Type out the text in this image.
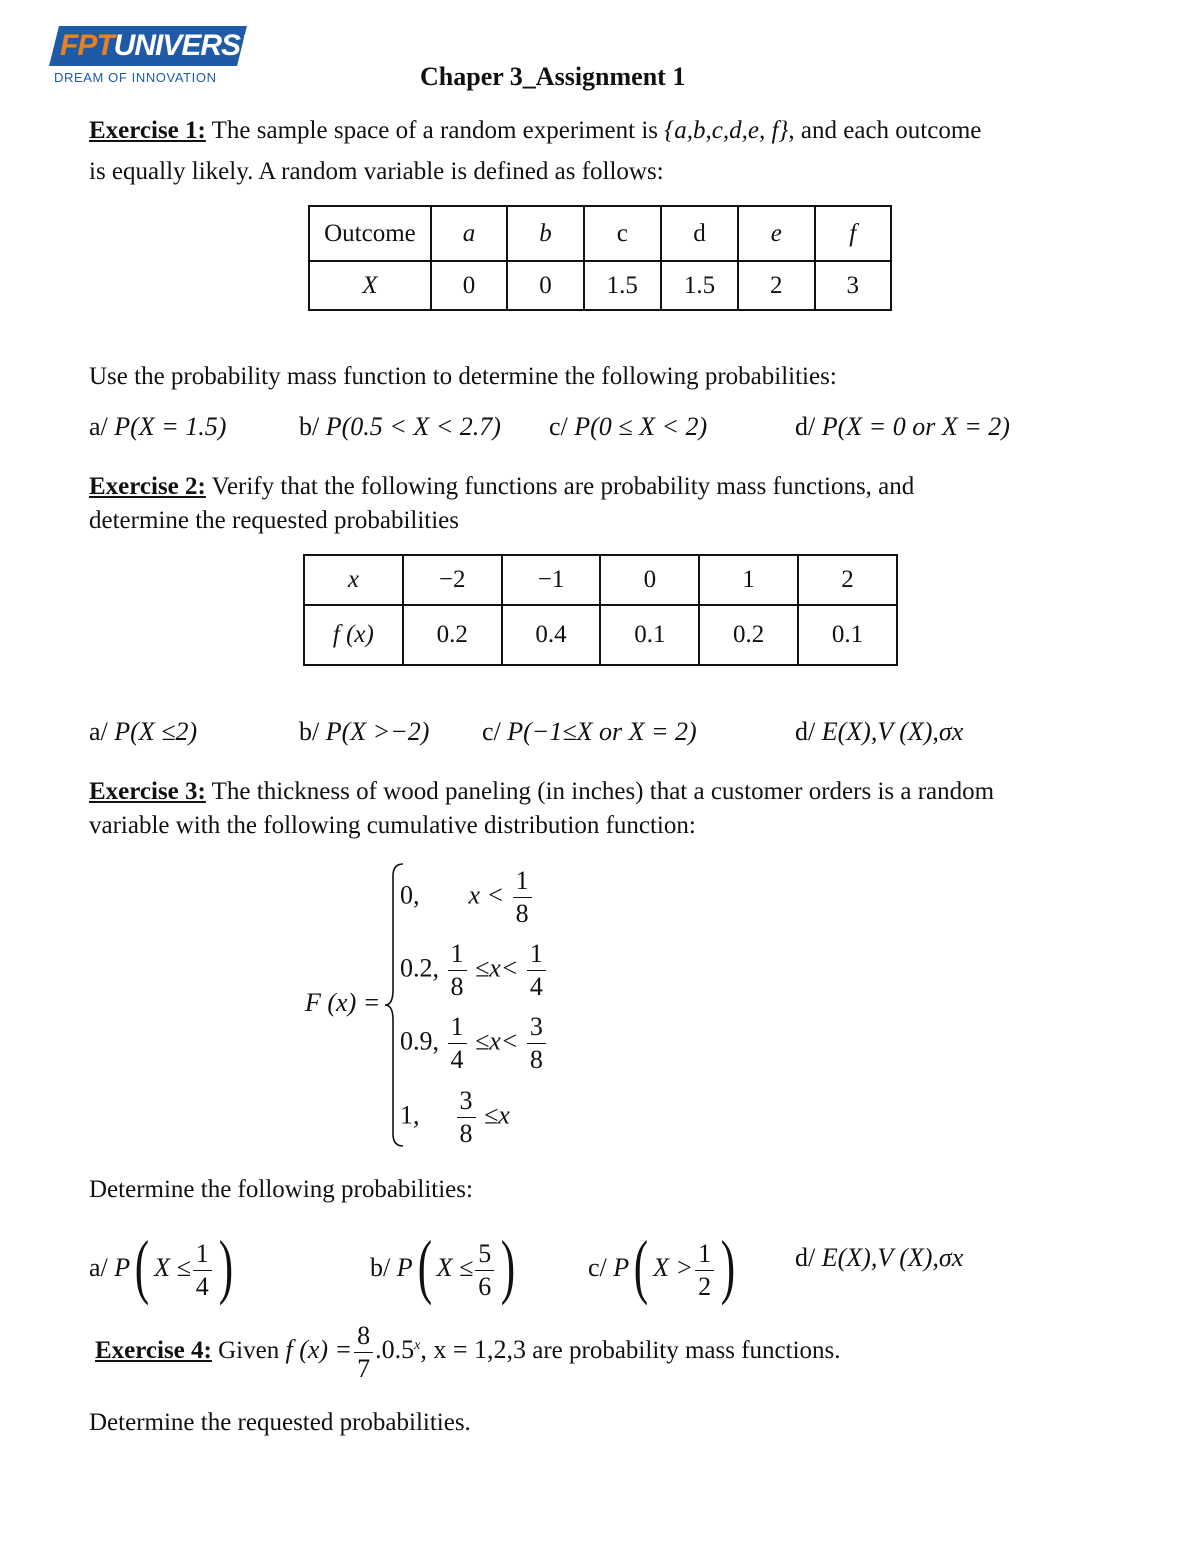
FPTUNIVERSITY
DREAM OF INNOVATION	Chaper 3_Assignment 1
Exercise 1: The sample space of a random experiment is {a,b,c,d,e, f}, and each outcome
is equally likely. A random variable is defined as follows:
Outcome	a	b	c	d	e	f
X	0	0	1.5	1.5	2	3
Use the probability mass function to determine the following probabilities:
a/ P(X = 1.5)	b/ P(0.5 < X < 2.7) c/ P(0 ≤ X < 2)	d/ P(X = 0 or X = 2)
Exercise 2: Verify that the following functions are probability mass functions, and
determine the requested probabilities
x	−2	−1	0	1	2
f (x)	0.2	0.4	0.1	0.2	0.1
a/ P(X ≤2)	b/ P(X >−2) c/ P(−1≤X or X = 2)	d/ E(X),V (X),σx
Exercise 3: The thickness of wood paneling (in inches) that a customer orders is a random
variable with the following cumulative distribution function:
F (x) =
0, $x < \frac{1}{8}$
0.2, $\frac{1}{8} \le x< \frac{1}{4}$
0.9, $\frac{1}{4} \le x< \frac{3}{8}$
1, $\frac{3}{8} \le x$
Determine the following probabilities:
a/ P( $X \le \frac{1}{4}$ )	b/ P( $X \le \frac{5}{6}$ )	c/ P( $X > \frac{1}{2}$ ) d/ E(X),V (X),σx
Exercise 4: Given f $(x) = \frac{8}{7} .0.5^x$, x = 1,2,3 are probability mass functions.
Determine the requested probabilities.
